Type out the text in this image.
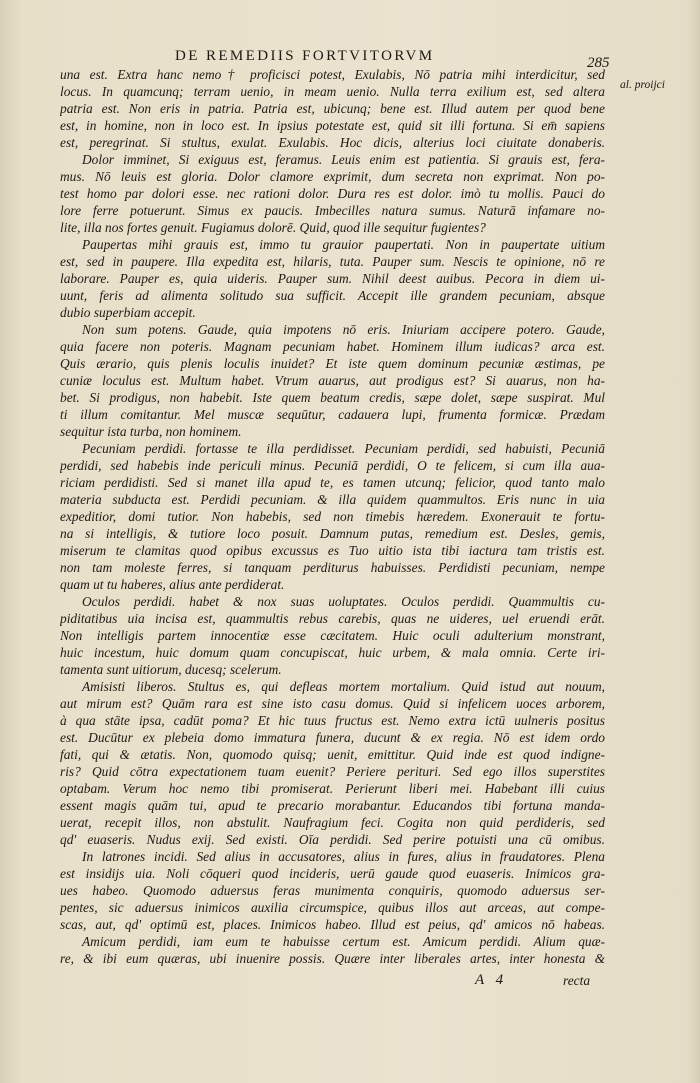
DE REMEDIIS FORTVITORVM	285
al. proijci
una est. Extra hanc nemo† proficisci potest, Exulabis, Nō patria mihi interdicitur, sed
locus. In quamcunq; terram uenio, in meam uenio. Nulla terra exilium est, sed altera
patria est. Non eris in patria. Patria est, ubicunq; bene est. Illud autem per quod bene
est, in homine, non in loco est. In ipsius potestate est, quid sit illi fortuna. Si em̄ sapiens
est, peregrinat. Si stultus, exulat. Exulabis. Hoc dicis, alterius loci ciuitate donaberis.
Dolor imminet, Si exiguus est, feramus. Leuis enim est patientia. Si grauis est, fera-
mus. Nō leuis est gloria. Dolor clamore exprimit, dum secreta non exprimat. Non po-
test homo par dolori esse. nec rationi dolor. Dura res est dolor. imò tu mollis. Pauci do
lore ferre potuerunt. Simus ex paucis. Imbecilles natura sumus. Naturā infamare no-
lite, illa nos fortes genuit. Fugiamus dolorē. Quid, quod ille sequitur fugientes?
Paupertas mihi grauis est, immo tu grauior paupertati. Non in paupertate uitium
est, sed in paupere. Illa expedita est, hilaris, tuta. Pauper sum. Nescis te opinione, nō re
laborare. Pauper es, quia uideris. Pauper sum. Nihil deest auibus. Pecora in diem ui-
uunt, feris ad alimenta solitudo sua sufficit. Accepit ille grandem pecuniam, absque
dubio superbiam accepit.
Non sum potens. Gaude, quia impotens nō eris. Iniuriam accipere potero. Gaude,
quia facere non poteris. Magnam pecuniam habet. Hominem illum iudicas? arca est.
Quis ærario, quis plenis loculis inuidet? Et iste quem dominum pecuniæ æstimas, pe
cuniæ loculus est. Multum habet. Vtrum auarus, aut prodigus est? Si auarus, non ha-
bet. Si prodigus, non habebit. Iste quem beatum credis, sæpe dolet, sæpe suspirat. Mul
ti illum comitantur. Mel muscæ sequūtur, cadauera lupi, frumenta formicæ. Prædam
sequitur ista turba, non hominem.
Pecuniam perdidi. fortasse te illa perdidisset. Pecuniam perdidi, sed habuisti, Pecuniā
perdidi, sed habebis inde periculi minus. Pecuniā perdidi, O te felicem, si cum illa aua-
riciam perdidisti. Sed si manet illa apud te, es tamen utcunq; felicior, quod tanto malo
materia subducta est. Perdidi pecuniam. & illa quidem quammultos. Eris nunc in uia
expeditior, domi tutior. Non habebis, sed non timebis hæredem. Exonerauit te fortu-
na si intelligis, & tutiore loco posuit. Damnum putas, remedium est. Desles, gemis,
miserum te clamitas quod opibus excussus es Tuo uitio ista tibi iactura tam tristis est.
non tam moleste ferres, si tanquam perditurus habuisses. Perdidisti pecuniam, nempe
quam ut tu haberes, alius ante perdiderat.
Oculos perdidi. habet & nox suas uoluptates. Oculos perdidi. Quammultis cu-
piditatibus uia incisa est, quammultis rebus carebis, quas ne uideres, uel eruendi erāt.
Non intelligis partem innocentiæ esse cæcitatem. Huic oculi adulterium monstrant,
huic incestum, huic domum quam concupiscat, huic urbem, & mala omnia. Certe iri-
tamenta sunt uitiorum, ducesq; scelerum.
Amisisti liberos. Stultus es, qui defleas mortem mortalium. Quid istud aut nouum,
aut mirum est? Quām rara est sine isto casu domus. Quid si infelicem uoces arborem,
à qua stāte ipsa, cadūt poma? Et hic tuus fructus est. Nemo extra ictū uulneris positus
est. Ducūtur ex plebeia domo immatura funera, ducunt & ex regia. Nō est idem ordo
fati, qui & ætatis. Non, quomodo quisq; uenit, emittitur. Quid inde est quod indigne-
ris? Quid cōtra expectationem tuam euenit? Periere perituri. Sed ego illos superstites
optabam. Verum hoc nemo tibi promiserat. Perierunt liberi mei. Habebant illi cuius
essent magis quām tui, apud te precario morabantur. Educandos tibi fortuna manda-
uerat, recepit illos, non abstulit. Naufragium feci. Cogita non quid perdideris, sed
qd' euaseris. Nudus exij. Sed existi. Oīa perdidi. Sed perire potuisti una cū omibus.
In latrones incidi. Sed alius in accusatores, alius in fures, alius in fraudatores. Plena
est insidijs uia. Noli cōqueri quod incideris, uerū gaude quod euaseris. Inimicos gra-
ues habeo. Quomodo aduersus feras munimenta conquiris, quomodo aduersus ser-
pentes, sic aduersus inimicos auxilia circumspice, quibus illos aut arceas, aut compe-
scas, aut, qd' optimū est, places. Inimicos habeo. Illud est peius, qd' amicos nō habeas.
Amicum perdidi, iam eum te habuisse certum est. Amicum perdidi. Alium quæ-
re, & ibi eum quæras, ubi inuenire possis. Quære inter liberales artes, inter honesta &
A 4	recta
